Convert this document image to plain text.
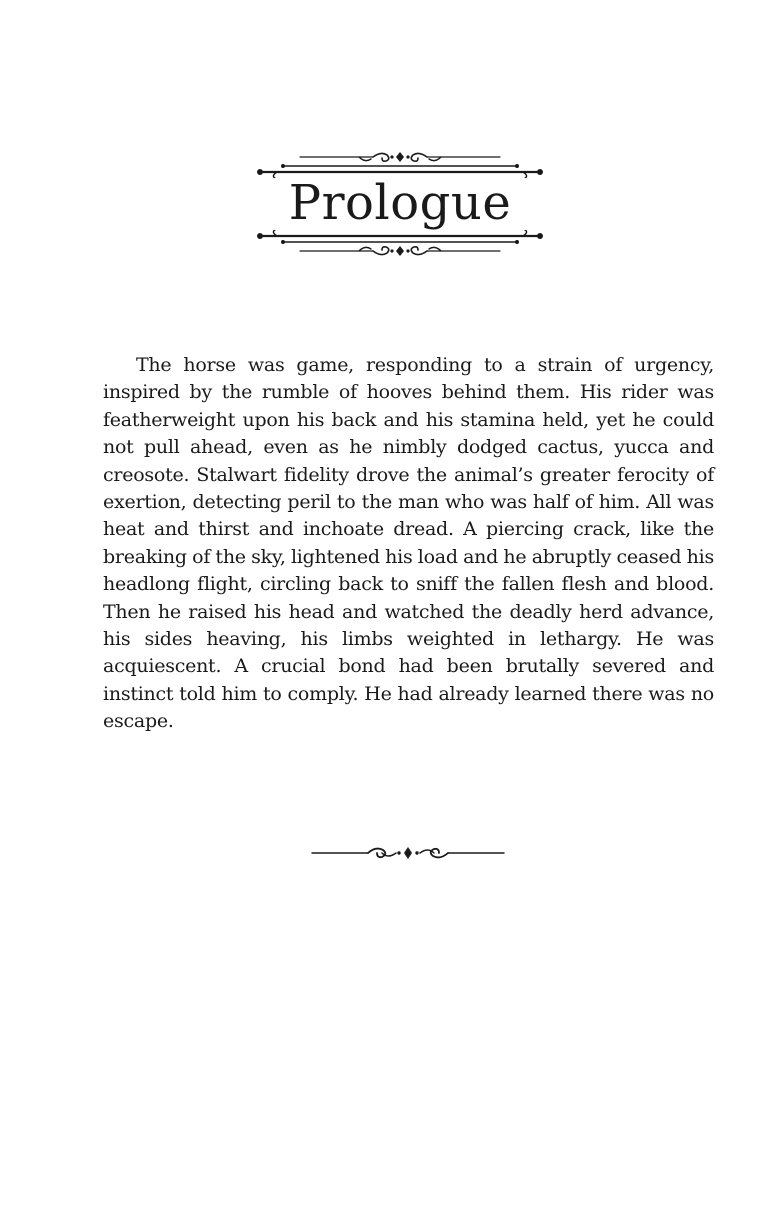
Prologue

The horse was game, responding to a strain of urgency, inspired by the rumble of hooves behind them. His rider was featherweight upon his back and his stamina held, yet he could not pull ahead, even as he nimbly dodged cactus, yucca and creosote. Stalwart fidelity drove the animal’s greater ferocity of exertion, detecting peril to the man who was half of him. All was heat and thirst and inchoate dread. A piercing crack, like the breaking of the sky, lightened his load and he abruptly ceased his headlong flight, circling back to sniff the fallen flesh and blood. Then he raised his head and watched the deadly herd advance, his sides heaving, his limbs weighted in lethargy. He was acquiescent. A crucial bond had been brutally severed and instinct told him to comply. He had already learned there was no escape.
